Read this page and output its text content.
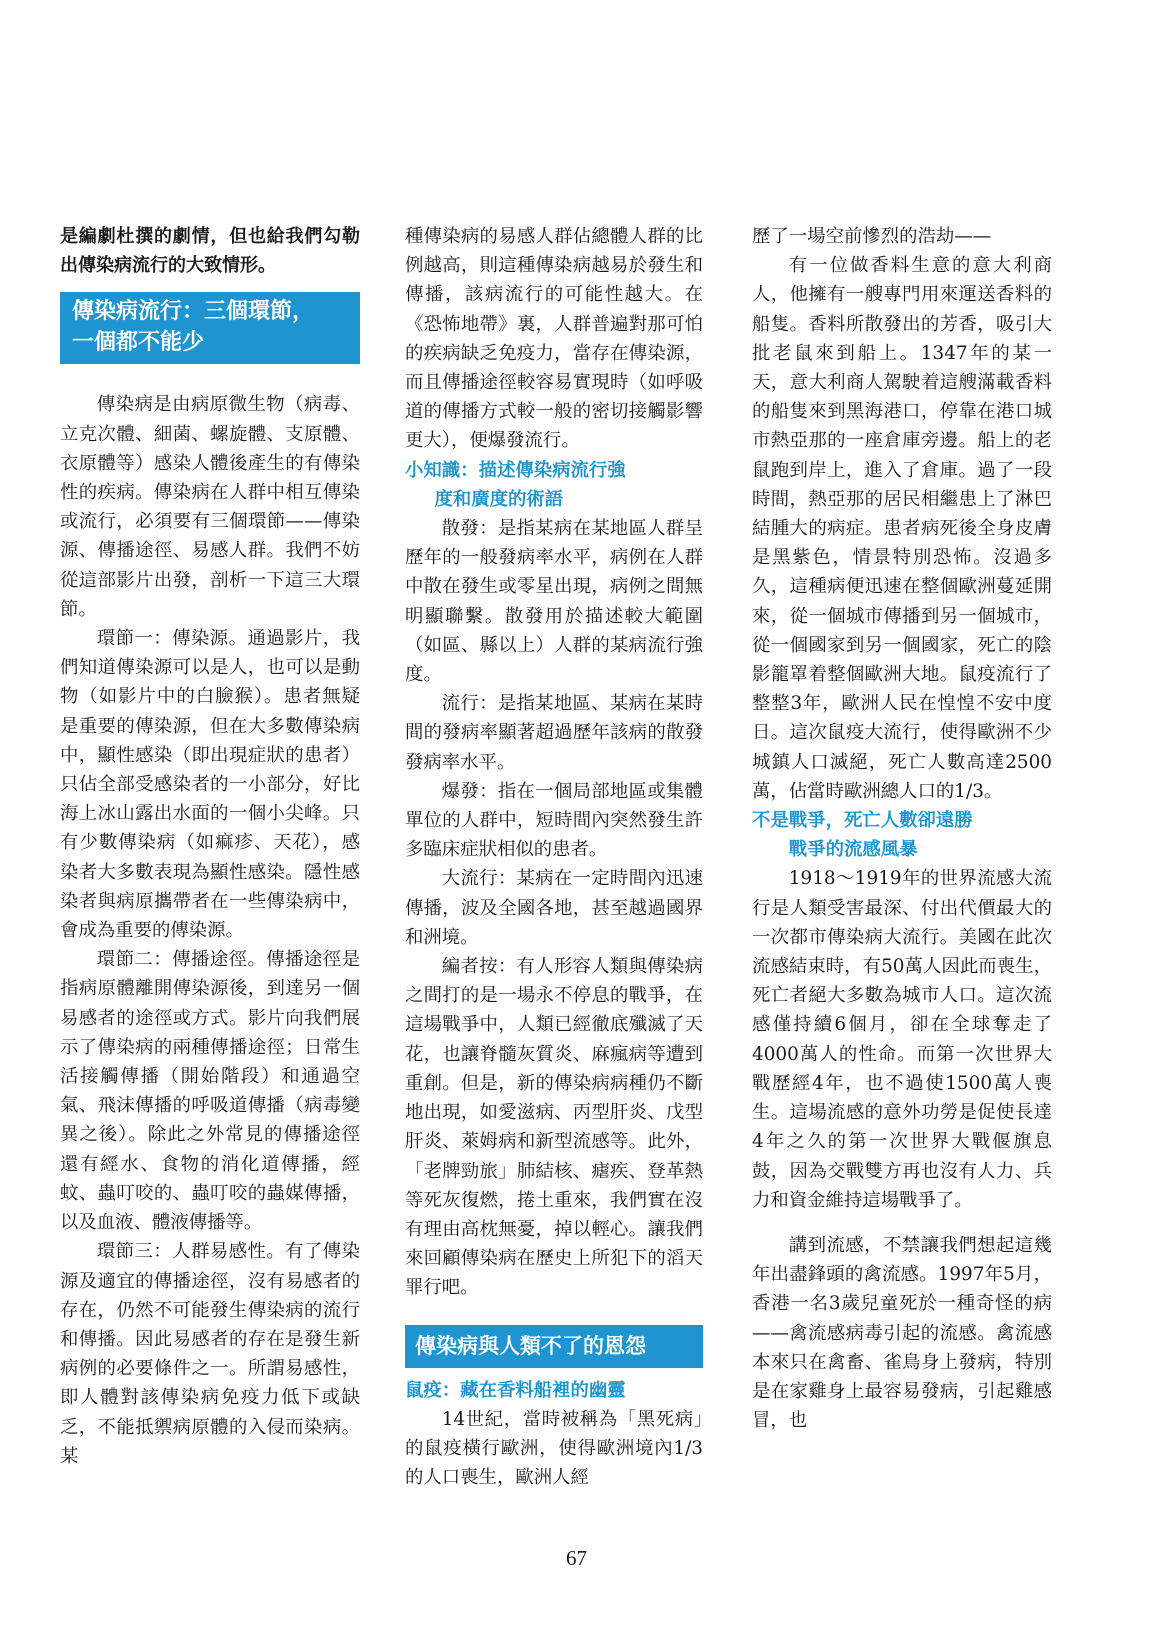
是編劇杜撰的劇情，但也給我們勾勒出傳染病流行的大致情形。

傳染病流行：三個環節，
一個都不能少

傳染病是由病原微生物（病毒、立克次體、細菌、螺旋體、支原體、衣原體等）感染人體後產生的有傳染性的疾病。傳染病在人群中相互傳染或流行，必須要有三個環節——傳染源、傳播途徑、易感人群。我們不妨從這部影片出發，剖析一下這三大環節。

環節一：傳染源。通過影片，我們知道傳染源可以是人，也可以是動物（如影片中的白臉猴）。患者無疑是重要的傳染源，但在大多數傳染病中，顯性感染（即出現症狀的患者）只佔全部受感染者的一小部分，好比海上冰山露出水面的一個小尖峰。只有少數傳染病（如痲疹、天花），感染者大多數表現為顯性感染。隱性感染者與病原攜帶者在一些傳染病中，會成為重要的傳染源。

環節二：傳播途徑。傳播途徑是指病原體離開傳染源後，到達另一個易感者的途徑或方式。影片向我們展示了傳染病的兩種傳播途徑；日常生活接觸傳播（開始階段）和通過空氣、飛沫傳播的呼吸道傳播（病毒變異之後）。除此之外常見的傳播途徑還有經水、食物的消化道傳播，經蚊、蟲叮咬的、蟲叮咬的蟲媒傳播，以及血液、體液傳播等。

環節三：人群易感性。有了傳染源及適宜的傳播途徑，沒有易感者的存在，仍然不可能發生傳染病的流行和傳播。因此易感者的存在是發生新病例的必要條件之一。所謂易感性，即人體對該傳染病免疫力低下或缺乏，不能抵禦病原體的入侵而染病。某

種傳染病的易感人群佔總體人群的比例越高，則這種傳染病越易於發生和傳播，該病流行的可能性越大。在《恐怖地帶》裏，人群普遍對那可怕的疾病缺乏免疫力，當存在傳染源，而且傳播途徑較容易實現時（如呼吸道的傳播方式較一般的密切接觸影響更大），便爆發流行。

小知識：描述傳染病流行強

度和廣度的術語

散發：是指某病在某地區人群呈歷年的一般發病率水平，病例在人群中散在發生或零星出現，病例之間無明顯聯繫。散發用於描述較大範圍（如區、縣以上）人群的某病流行強度。

流行：是指某地區、某病在某時間的發病率顯著超過歷年該病的散發發病率水平。

爆發：指在一個局部地區或集體單位的人群中，短時間內突然發生許多臨床症狀相似的患者。

大流行：某病在一定時間內迅速傳播，波及全國各地，甚至越過國界和洲境。

編者按：有人形容人類與傳染病之間打的是一場永不停息的戰爭，在這場戰爭中，人類已經徹底殲滅了天花，也讓脊髓灰質炎、麻瘋病等遭到重創。但是，新的傳染病病種仍不斷地出現，如愛滋病、丙型肝炎、戊型肝炎、萊姆病和新型流感等。此外，「老牌勁旅」肺結核、瘧疾、登革熱等死灰復燃，捲土重來，我們實在沒有理由高枕無憂，掉以輕心。讓我們來回顧傳染病在歷史上所犯下的滔天罪行吧。

傳染病與人類不了的恩怨

鼠疫：藏在香料船裡的幽靈

14世紀，當時被稱為「黑死病」的鼠疫橫行歐洲，使得歐洲境內1/3的人口喪生，歐洲人經

歷了一場空前慘烈的浩劫——

有一位做香料生意的意大利商人，他擁有一艘專門用來運送香料的船隻。香料所散發出的芳香，吸引大批老鼠來到船上。1347年的某一天，意大利商人駕駛着這艘滿載香料的船隻來到黑海港口，停靠在港口城市熱亞那的一座倉庫旁邊。船上的老鼠跑到岸上，進入了倉庫。過了一段時間，熱亞那的居民相繼患上了淋巴結腫大的病症。患者病死後全身皮膚是黑紫色，情景特別恐怖。沒過多久，這種病便迅速在整個歐洲蔓延開來，從一個城市傳播到另一個城市，從一個國家到另一個國家，死亡的陰影籠罩着整個歐洲大地。鼠疫流行了整整3年，歐洲人民在惶惶不安中度日。這次鼠疫大流行，使得歐洲不少城鎮人口滅絕，死亡人數高達2500萬，佔當時歐洲總人口的1/3。

不是戰爭，死亡人數卻遠勝

戰爭的流感風暴

1918～1919年的世界流感大流行是人類受害最深、付出代價最大的一次都市傳染病大流行。美國在此次流感結束時，有50萬人因此而喪生，死亡者絕大多數為城市人口。這次流感僅持續6個月，卻在全球奪走了4000萬人的性命。而第一次世界大戰歷經4年，也不過使1500萬人喪生。這場流感的意外功勞是促使長達4年之久的第一次世界大戰偃旗息鼓，因為交戰雙方再也沒有人力、兵力和資金維持這場戰爭了。

講到流感，不禁讓我們想起這幾年出盡鋒頭的禽流感。1997年5月，香港一名3歲兒童死於一種奇怪的病——禽流感病毒引起的流感。禽流感本來只在禽畜、雀鳥身上發病，特別是在家雞身上最容易發病，引起雞感冒，也

67
